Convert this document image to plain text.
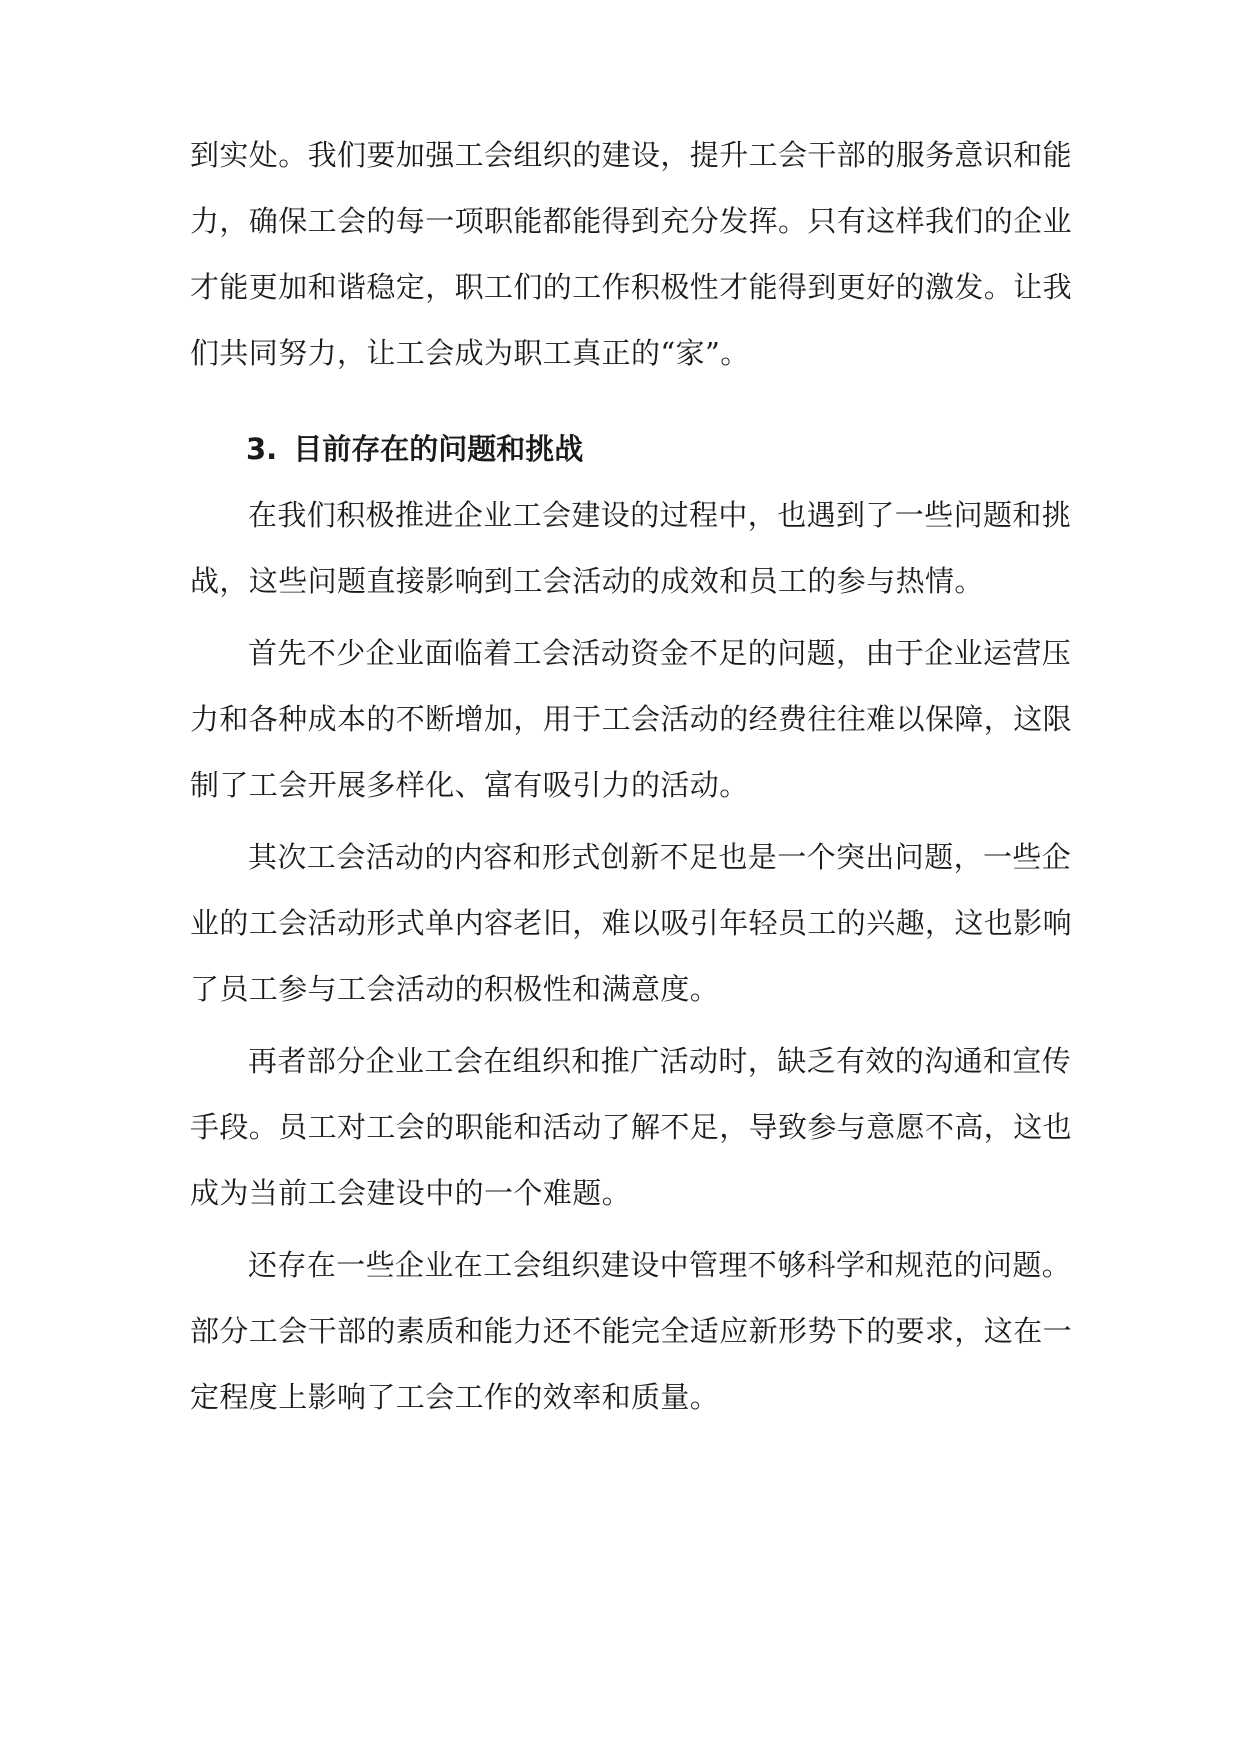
到实处。我们要加强工会组织的建设，提升工会干部的服务意识和能
力，确保工会的每一项职能都能得到充分发挥。只有这样我们的企业
才能更加和谐稳定，职工们的工作积极性才能得到更好的激发。让我
们共同努力，让工会成为职工真正的“家”。
3. 目前存在的问题和挑战
在我们积极推进企业工会建设的过程中，也遇到了一些问题和挑
战，这些问题直接影响到工会活动的成效和员工的参与热情。
首先不少企业面临着工会活动资金不足的问题，由于企业运营压
力和各种成本的不断增加，用于工会活动的经费往往难以保障，这限
制了工会开展多样化、富有吸引力的活动。
其次工会活动的内容和形式创新不足也是一个突出问题，一些企
业的工会活动形式单内容老旧，难以吸引年轻员工的兴趣，这也影响
了员工参与工会活动的积极性和满意度。
再者部分企业工会在组织和推广活动时，缺乏有效的沟通和宣传
手段。员工对工会的职能和活动了解不足，导致参与意愿不高，这也
成为当前工会建设中的一个难题。
还存在一些企业在工会组织建设中管理不够科学和规范的问题。
部分工会干部的素质和能力还不能完全适应新形势下的要求，这在一
定程度上影响了工会工作的效率和质量。
